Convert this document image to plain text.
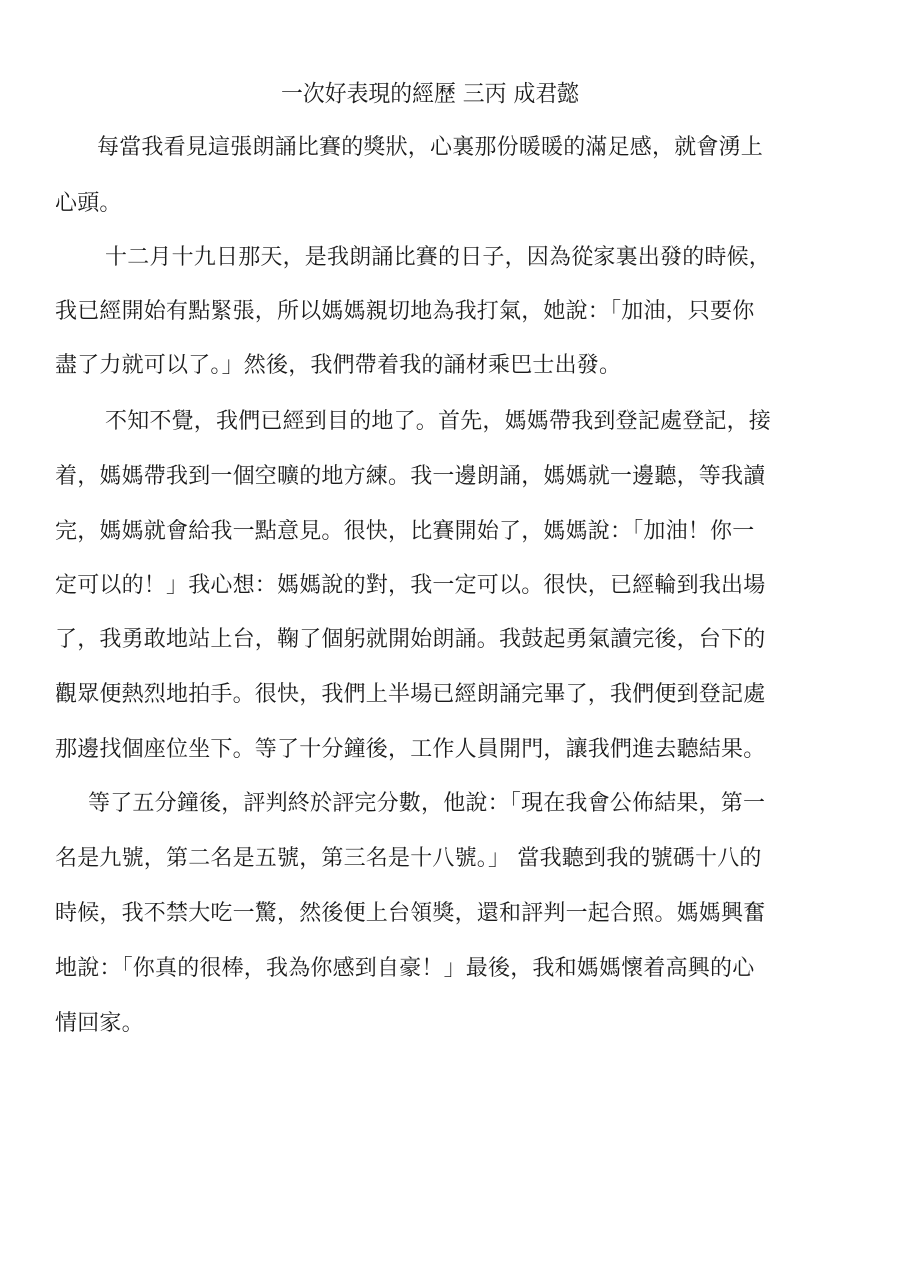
一次好表現的經歷 三丙 成君懿
每當我看見這張朗誦比賽的獎狀，心裏那份暖暖的滿足感，就會湧上
心頭。
十二月十九日那天，是我朗誦比賽的日子，因為從家裏出發的時候，
我已經開始有點緊張，所以媽媽親切地為我打氣，她說：「加油，只要你
盡了力就可以了。」然後，我們帶着我的誦材乘巴士出發。
不知不覺，我們已經到目的地了。首先，媽媽帶我到登記處登記，接
着，媽媽帶我到一個空曠的地方練。我一邊朗誦，媽媽就一邊聽，等我讀
完，媽媽就會給我一點意見。很快，比賽開始了，媽媽說：「加油！你一
定可以的！」我心想：媽媽說的對，我一定可以。很快，已經輪到我出場
了，我勇敢地站上台，鞠了個躬就開始朗誦。我鼓起勇氣讀完後，台下的
觀眾便熱烈地拍手。很快，我們上半場已經朗誦完畢了，我們便到登記處
那邊找個座位坐下。等了十分鐘後，工作人員開門，讓我們進去聽結果。
等了五分鐘後，評判終於評完分數，他說：「現在我會公佈結果，第一
名是九號，第二名是五號，第三名是十八號。」 當我聽到我的號碼十八的
時候，我不禁大吃一驚，然後便上台領獎，還和評判一起合照。媽媽興奮
地說：「你真的很棒，我為你感到自豪！」最後，我和媽媽懷着高興的心
情回家。
